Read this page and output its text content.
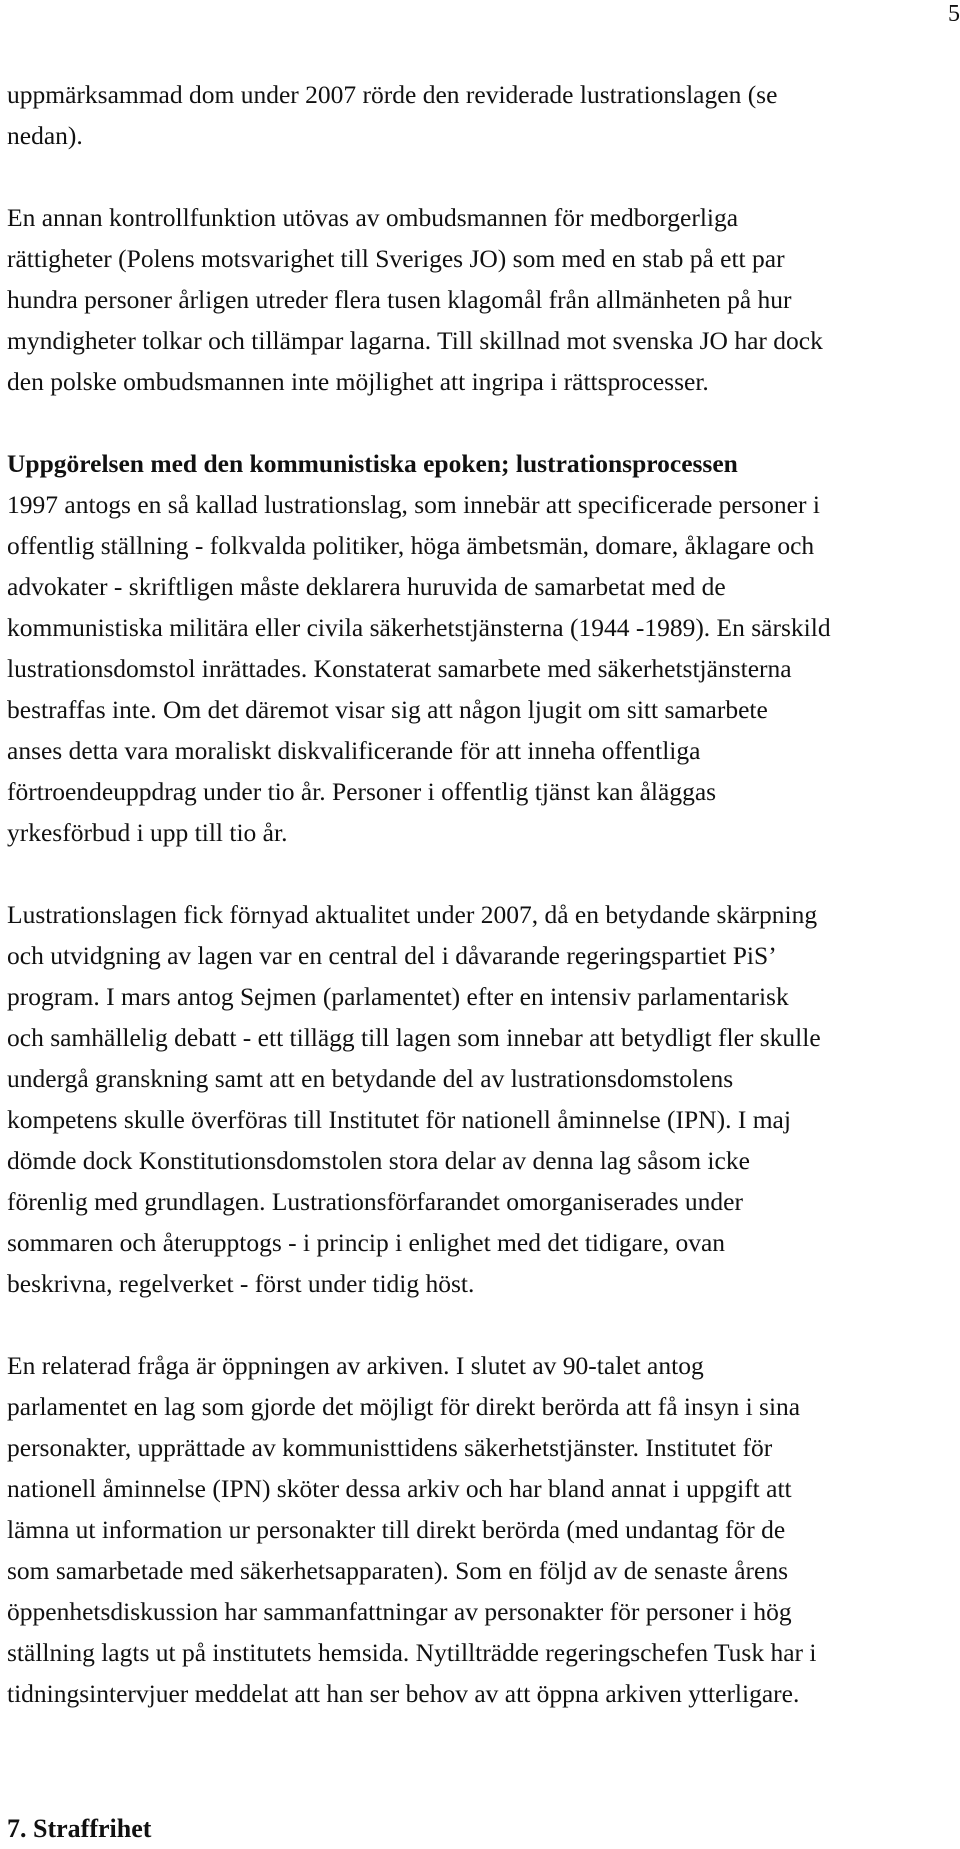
5

uppmärksammad dom under 2007 rörde den reviderade lustrationslagen (se

nedan).

En annan kontrollfunktion utövas av ombudsmannen för medborgerliga

rättigheter (Polens motsvarighet till Sveriges JO) som med en stab på ett par

hundra personer årligen utreder flera tusen klagomål från allmänheten på hur

myndigheter tolkar och tillämpar lagarna. Till skillnad mot svenska JO har dock

den polske ombudsmannen inte möjlighet att ingripa i rättsprocesser.

Uppgörelsen med den kommunistiska epoken; lustrationsprocessen

1997 antogs en så kallad lustrationslag, som innebär att specificerade personer i

offentlig ställning - folkvalda politiker, höga ämbetsmän, domare, åklagare och

advokater - skriftligen måste deklarera huruvida de samarbetat med de

kommunistiska militära eller civila säkerhetstjänsterna (1944 -1989). En särskild

lustrationsdomstol inrättades. Konstaterat samarbete med säkerhetstjänsterna

bestraffas inte. Om det däremot visar sig att någon ljugit om sitt samarbete

anses detta vara moraliskt diskvalificerande för att inneha offentliga

förtroendeuppdrag under tio år. Personer i offentlig tjänst kan åläggas

yrkesförbud i upp till tio år.

Lustrationslagen fick förnyad aktualitet under 2007, då en betydande skärpning

och utvidgning av lagen var en central del i dåvarande regeringspartiet PiS’

program. I mars antog Sejmen (parlamentet) efter en intensiv parlamentarisk

och samhällelig debatt - ett tillägg till lagen som innebar att betydligt fler skulle

undergå granskning samt att en betydande del av lustrationsdomstolens

kompetens skulle överföras till Institutet för nationell åminnelse (IPN). I maj

dömde dock Konstitutionsdomstolen stora delar av denna lag såsom icke

förenlig med grundlagen. Lustrationsförfarandet omorganiserades under

sommaren och återupptogs - i princip i enlighet med det tidigare, ovan

beskrivna, regelverket - först under tidig höst.

En relaterad fråga är öppningen av arkiven. I slutet av 90-talet antog

parlamentet en lag som gjorde det möjligt för direkt berörda att få insyn i sina

personakter, upprättade av kommunisttidens säkerhetstjänster. Institutet för

nationell åminnelse (IPN) sköter dessa arkiv och har bland annat i uppgift att

lämna ut information ur personakter till direkt berörda (med undantag för de

som samarbetade med säkerhetsapparaten). Som en följd av de senaste årens

öppenhetsdiskussion har sammanfattningar av personakter för personer i hög

ställning lagts ut på institutets hemsida. Nytillträdde regeringschefen Tusk har i

tidningsintervjuer meddelat att han ser behov av att öppna arkiven ytterligare.

7. Straffrihet
